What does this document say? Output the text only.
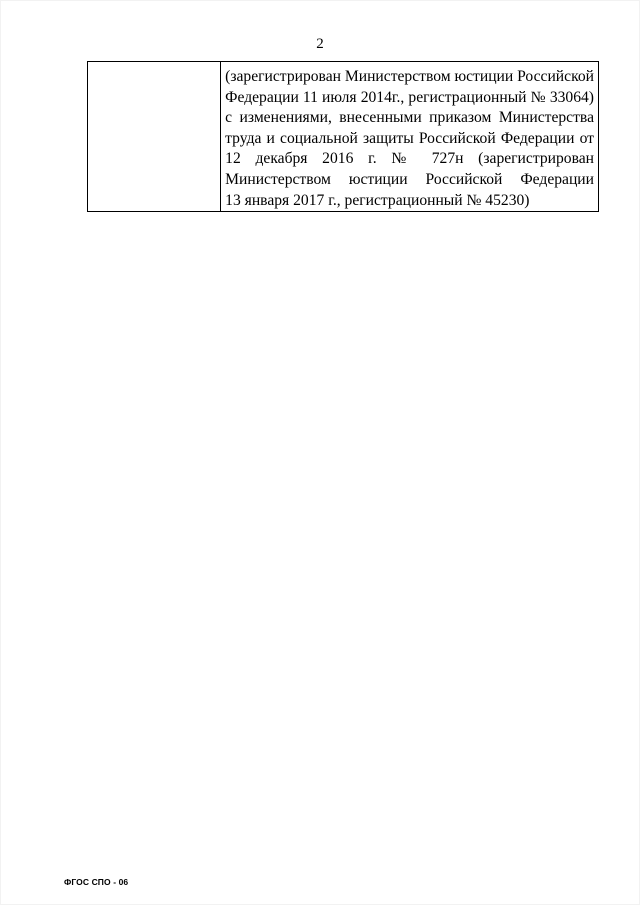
2
(зарегистрирован Министерством юстиции Российской
Федерации 11 июля 2014г., регистрационный № 33064)
с изменениями, внесенными приказом Министерства
труда и социальной защиты Российской Федерации от
12 декабря 2016 г. № 727н (зарегистрирован
Министерством юстиции Российской Федерации
13 января 2017 г., регистрационный № 45230)
ФГОС СПО - 06
